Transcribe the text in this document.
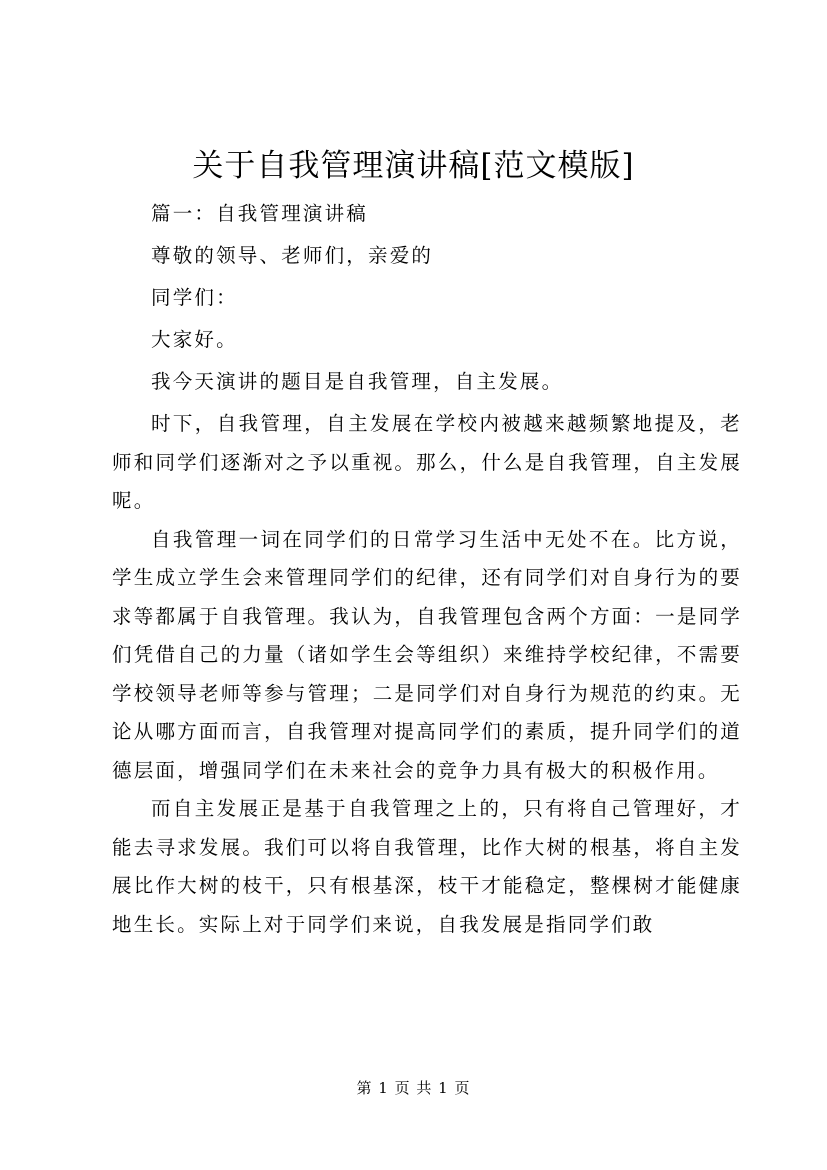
关于自我管理演讲稿[范文模版]

篇一：自我管理演讲稿

尊敬的领导、老师们，亲爱的

同学们：

大家好。

我今天演讲的题目是自我管理，自主发展。

时下，自我管理，自主发展在学校内被越来越频繁地提及，老师和同学们逐渐对之予以重视。那么，什么是自我管理，自主发展呢。

自我管理一词在同学们的日常学习生活中无处不在。比方说，学生成立学生会来管理同学们的纪律，还有同学们对自身行为的要求等都属于自我管理。我认为，自我管理包含两个方面：一是同学们凭借自己的力量（诸如学生会等组织）来维持学校纪律，不需要学校领导老师等参与管理；二是同学们对自身行为规范的约束。无论从哪方面而言，自我管理对提高同学们的素质，提升同学们的道德层面，增强同学们在未来社会的竞争力具有极大的积极作用。

而自主发展正是基于自我管理之上的，只有将自己管理好，才能去寻求发展。我们可以将自我管理，比作大树的根基，将自主发展比作大树的枝干，只有根基深，枝干才能稳定，整棵树才能健康地生长。实际上对于同学们来说，自我发展是指同学们敢

第 1 页 共 1 页
